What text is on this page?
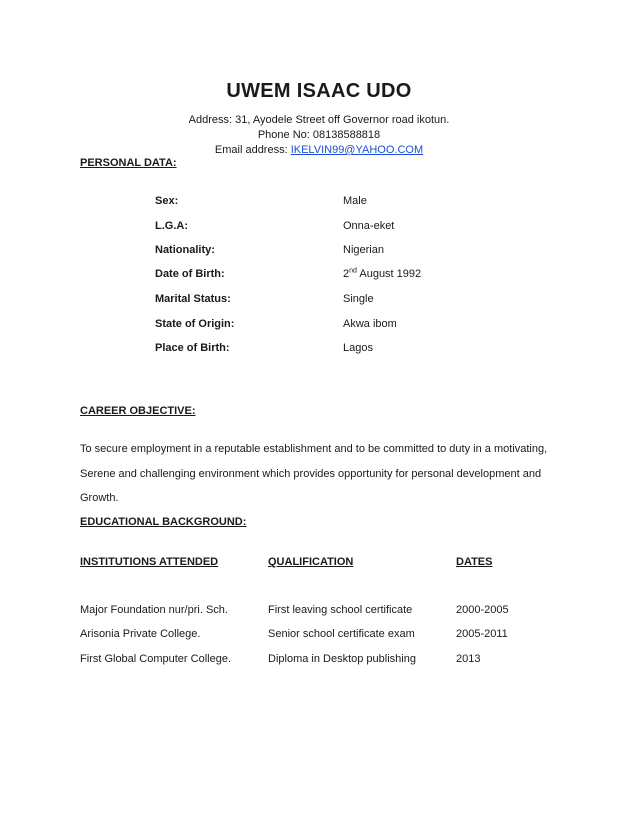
UWEM ISAAC UDO
Address: 31, Ayodele Street off Governor road ikotun.
Phone No: 08138588818
Email address: IKELVIN99@YAHOO.COM
PERSONAL DATA:
Sex:	Male
L.G.A:	Onna-eket
Nationality:	Nigerian
Date of Birth:	2nd August 1992
Marital Status:	Single
State of Origin:	Akwa ibom
Place of Birth:	Lagos
CAREER OBJECTIVE:
To secure employment in a reputable establishment and to be committed to duty in a motivating,
Serene and challenging environment which provides opportunity for personal development and
Growth.
EDUCATIONAL BACKGROUND:
INSTITUTIONS ATTENDED	QUALIFICATION	DATES
Major Foundation nur/pri. Sch.	First leaving school certificate	2000-2005
Arisonia Private College.	Senior school certificate exam	2005-2011
First Global Computer College.	Diploma in Desktop publishing	2013
